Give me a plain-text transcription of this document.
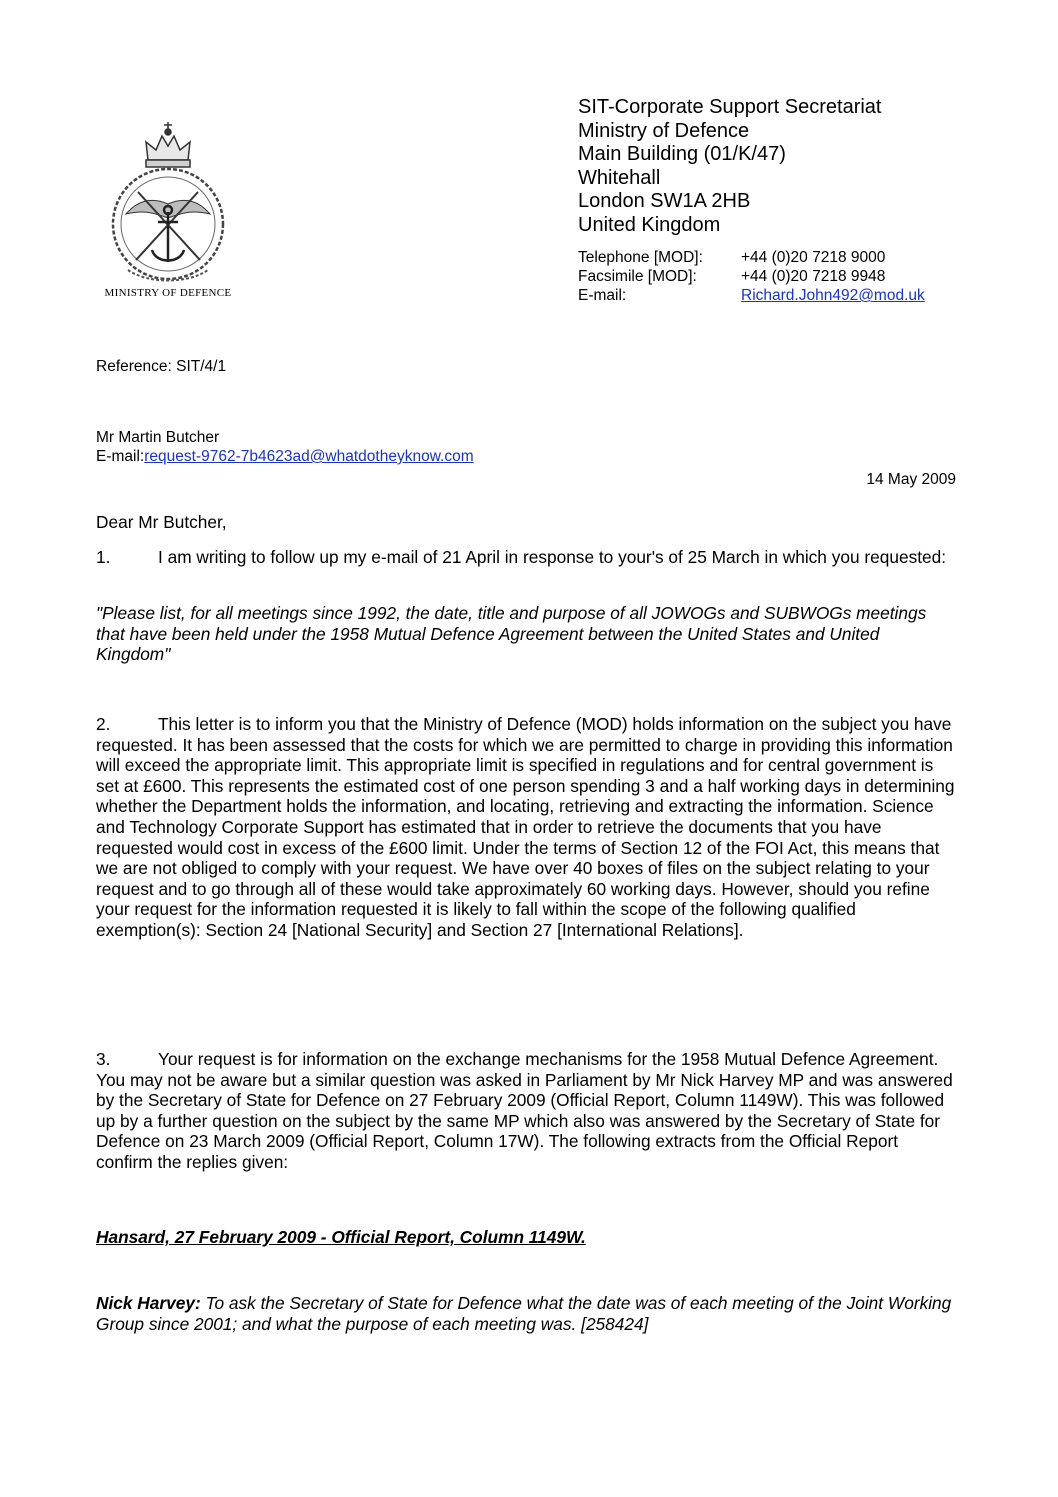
MINISTRY OF DEFENCE
SIT-Corporate Support Secretariat
Ministry of Defence
Main Building (01/K/47)
Whitehall
London SW1A 2HB
United Kingdom
Telephone [MOD]:	+44 (0)20 7218 9000
Facsimile [MOD]:	+44 (0)20 7218 9948
E-mail:	Richard.John492@mod.uk
Reference: SIT/4/1
Mr Martin Butcher
E-mail:request-9762-7b4623ad@whatdotheyknow.com
14 May 2009
Dear Mr Butcher,
1.	I am writing to follow up my e-mail of 21 April in response to your's of 25 March in which you requested:
"Please list, for all meetings since 1992, the date, title and purpose of all JOWOGs and SUBWOGs meetings that have been held under the 1958 Mutual Defence Agreement between the United States and United Kingdom"
2.	This letter is to inform you that the Ministry of Defence (MOD) holds information on the subject you have requested. It has been assessed that the costs for which we are permitted to charge in providing this information will exceed the appropriate limit. This appropriate limit is specified in regulations and for central government is set at £600. This represents the estimated cost of one person spending 3 and a half working days in determining whether the Department holds the information, and locating, retrieving and extracting the information. Science and Technology Corporate Support has estimated that in order to retrieve the documents that you have requested would cost in excess of the £600 limit. Under the terms of Section 12 of the FOI Act, this means that we are not obliged to comply with your request. We have over 40 boxes of files on the subject relating to your request and to go through all of these would take approximately 60 working days. However, should you refine your request for the information requested it is likely to fall within the scope of the following qualified exemption(s): Section 24 [National Security] and Section 27 [International Relations].
3.	Your request is for information on the exchange mechanisms for the 1958 Mutual Defence Agreement. You may not be aware but a similar question was asked in Parliament by Mr Nick Harvey MP and was answered by the Secretary of State for Defence on 27 February 2009 (Official Report, Column 1149W). This was followed up by a further question on the subject by the same MP which also was answered by the Secretary of State for Defence on 23 March 2009 (Official Report, Column 17W). The following extracts from the Official Report confirm the replies given:
Hansard, 27 February 2009 - Official Report, Column 1149W.
Nick Harvey: To ask the Secretary of State for Defence what the date was of each meeting of the Joint Working Group since 2001; and what the purpose of each meeting was. [258424]
